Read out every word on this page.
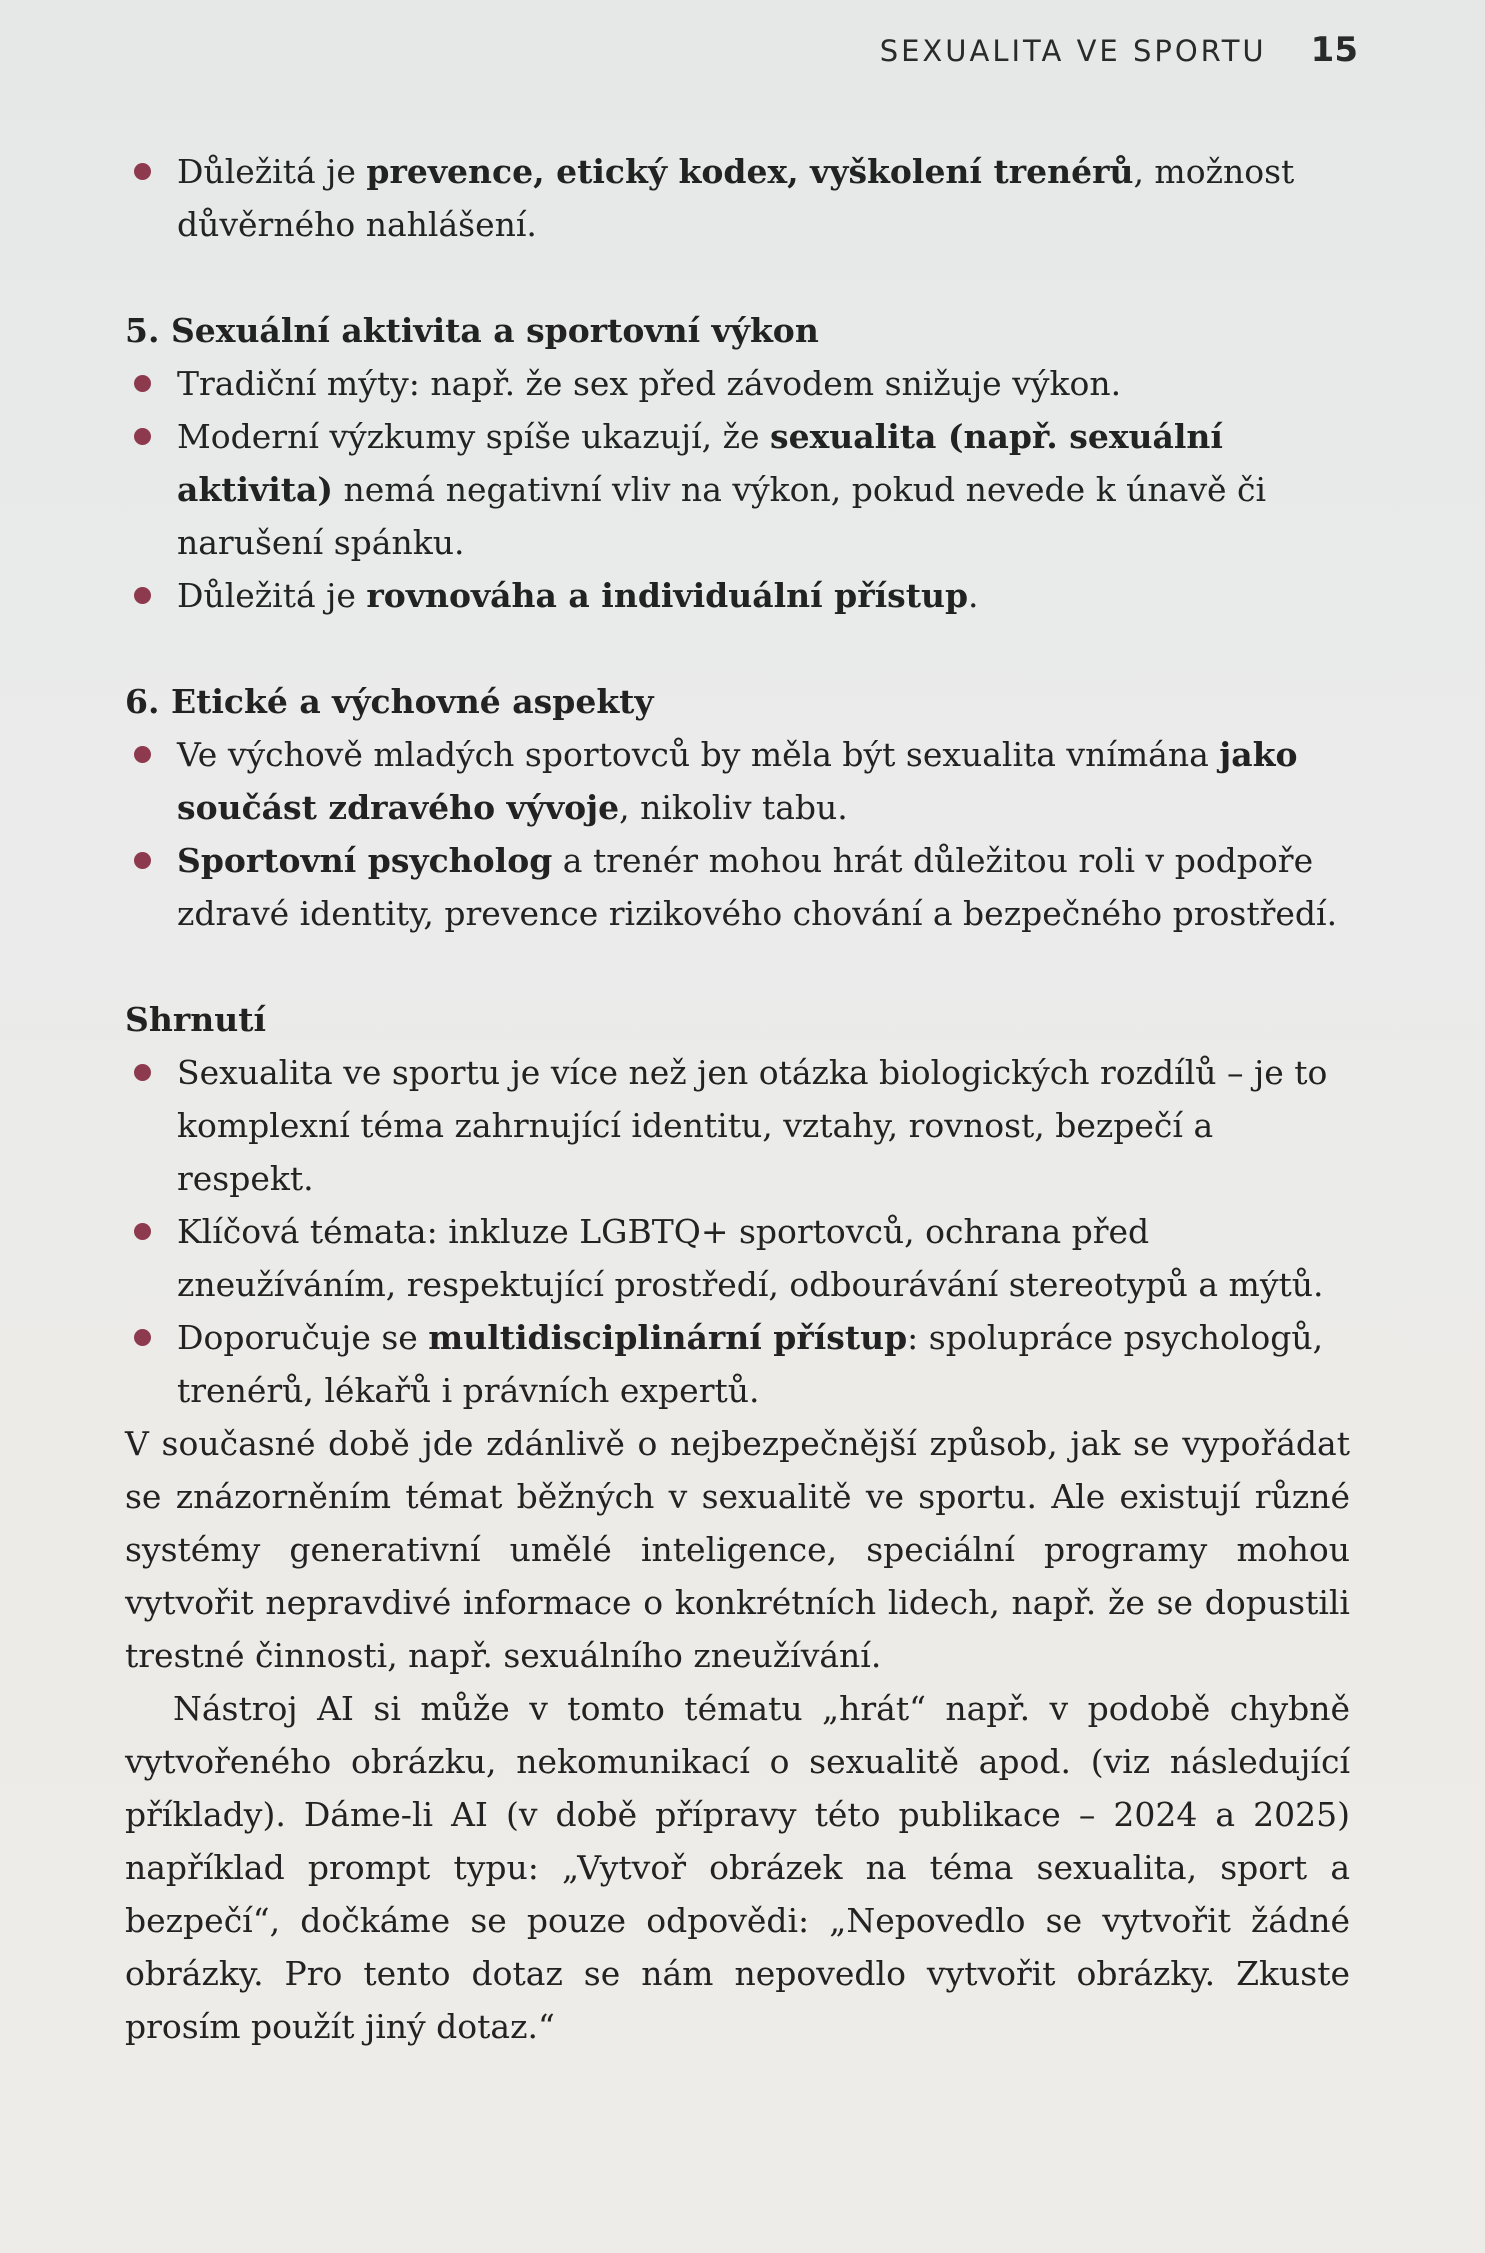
SEXUALITA VE SPORTU 15
Důležitá je prevence, etický kodex, vyškolení trenérů, možnost důvěrného nahlášení.
5. Sexuální aktivita a sportovní výkon
Tradiční mýty: např. že sex před závodem snižuje výkon.
Moderní výzkumy spíše ukazují, že sexualita (např. sexuální aktivita) nemá negativní vliv na výkon, pokud nevede k únavě či narušení spánku.
Důležitá je rovnováha a individuální přístup.
6. Etické a výchovné aspekty
Ve výchově mladých sportovců by měla být sexualita vnímána jako součást zdravého vývoje, nikoliv tabu.
Sportovní psycholog a trenér mohou hrát důležitou roli v podpoře zdravé identity, prevence rizikového chování a bezpečného prostředí.
Shrnutí
Sexualita ve sportu je více než jen otázka biologických rozdílů – je to komplexní téma zahrnující identitu, vztahy, rovnost, bezpečí a respekt.
Klíčová témata: inkluze LGBTQ+ sportovců, ochrana před zneužíváním, respektující prostředí, odbourávání stereotypů a mýtů.
Doporučuje se multidisciplinární přístup: spolupráce psychologů, trenérů, lékařů i právních expertů.

V současné době jde zdánlivě o nejbezpečnější způsob, jak se vypořádat se znázorněním témat běžných v sexualitě ve sportu. Ale existují různé systémy generativní umělé inteligence, speciální programy mohou vytvořit nepravdivé informace o konkrétních lidech, např. že se dopustili trestné činnosti, např. sexuálního zneužívání.

Nástroj AI si může v tomto tématu „hrát“ např. v podobě chybně vytvořeného obrázku, nekomunikací o sexualitě apod. (viz následující příklady). Dáme-li AI (v době přípravy této publikace – 2024 a 2025) například prompt typu: „Vytvoř obrázek na téma sexualita, sport a bezpečí“, dočkáme se pouze odpovědi: „Nepovedlo se vytvořit žádné obrázky. Pro tento dotaz se nám nepovedlo vytvořit obrázky. Zkuste prosím použít jiný dotaz.“
